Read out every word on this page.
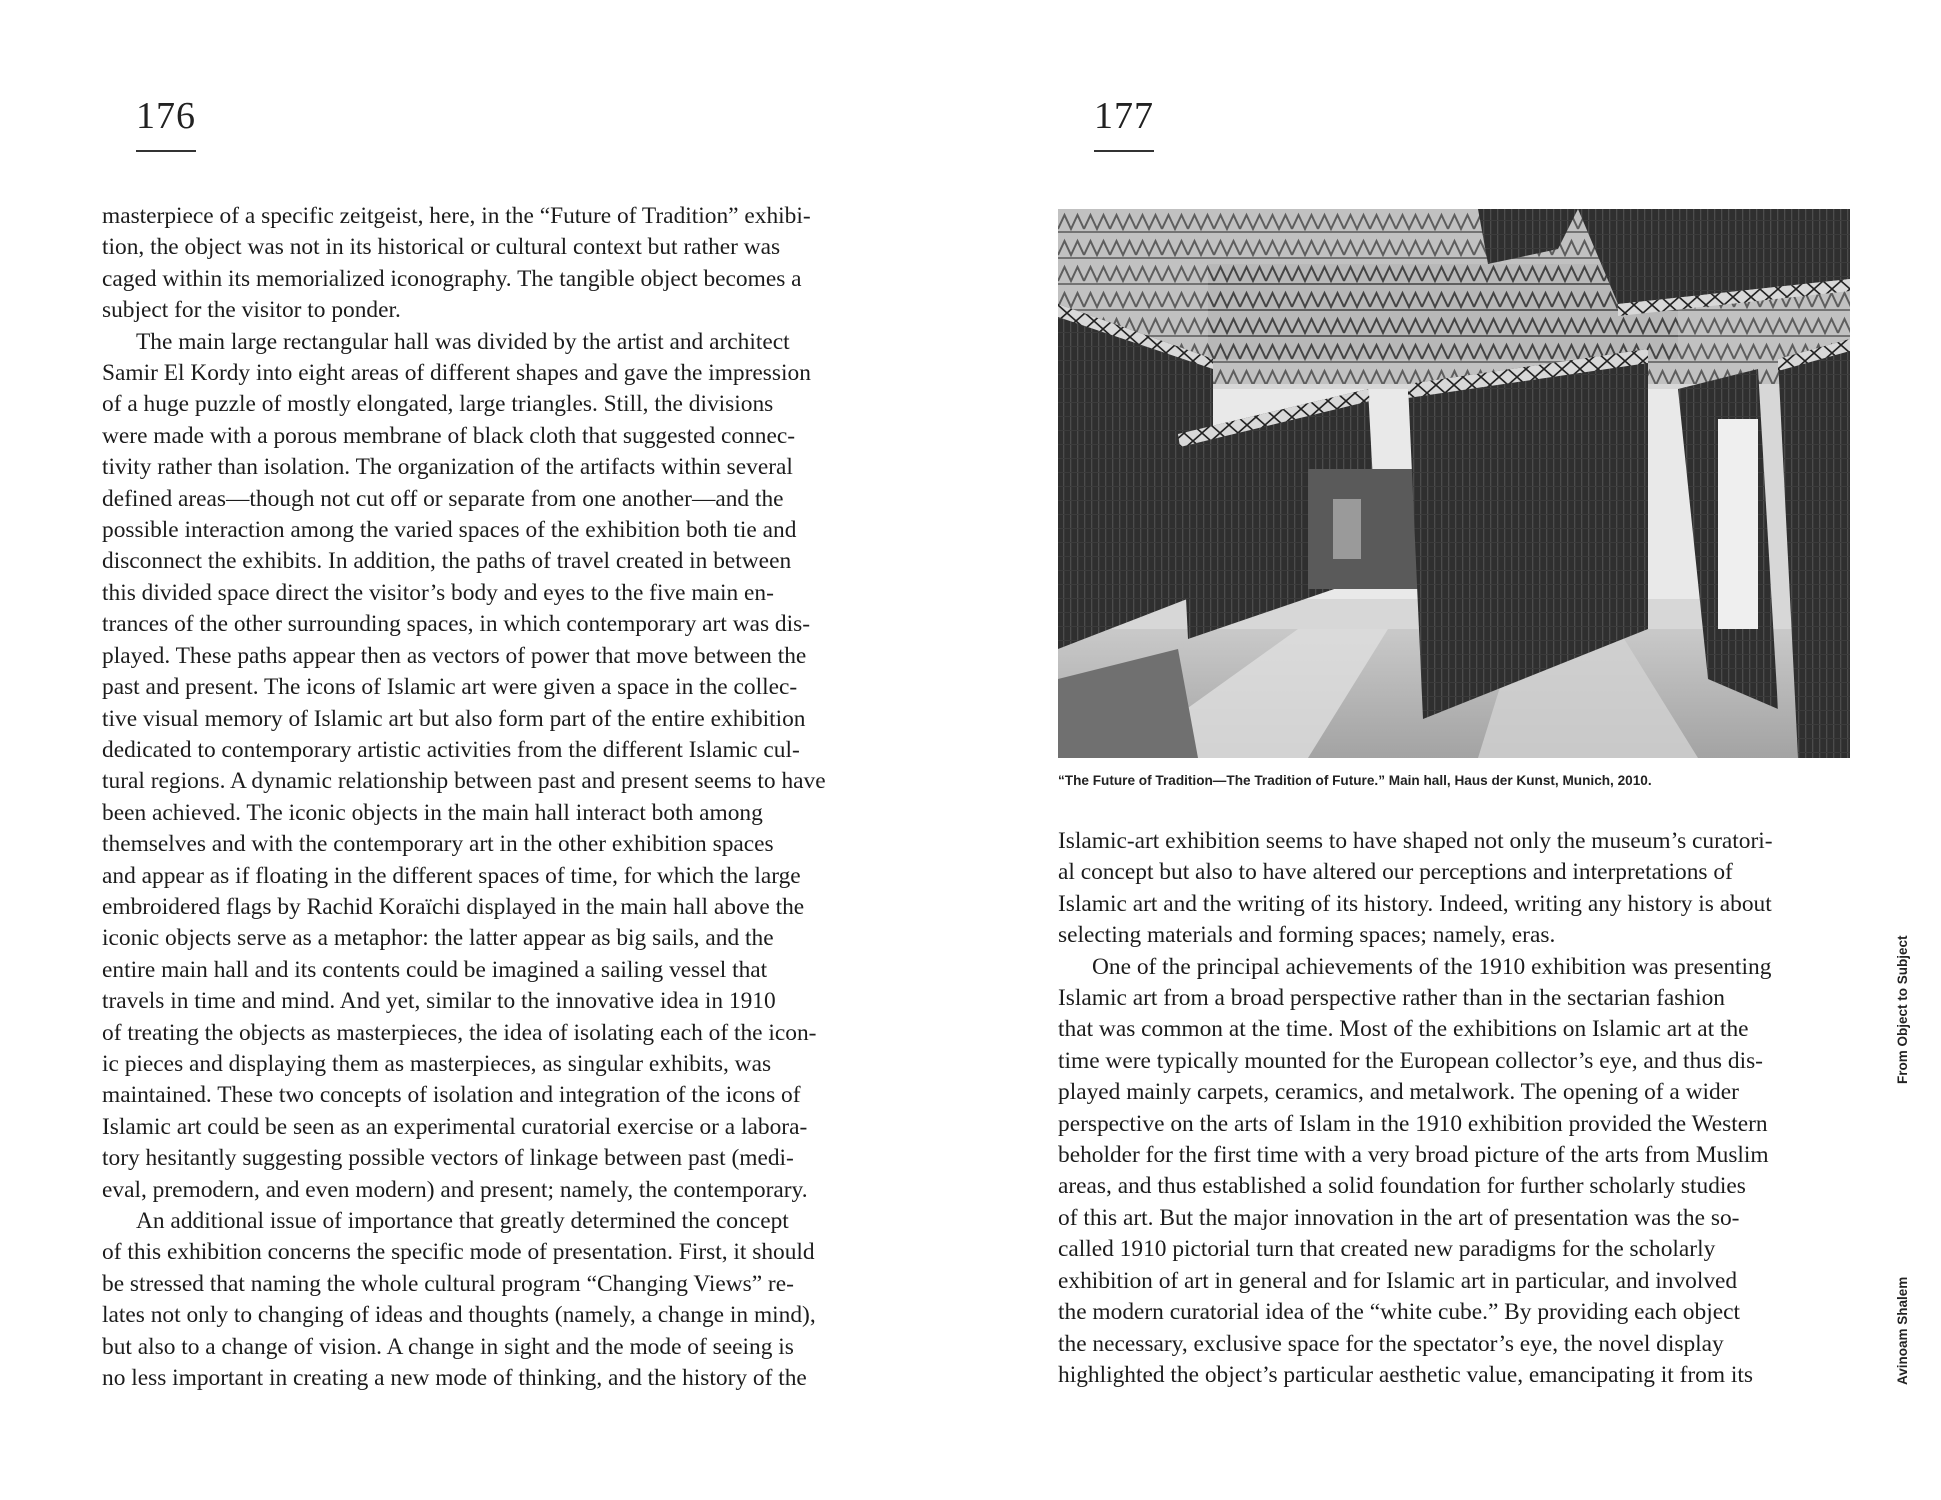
176
masterpiece of a specific zeitgeist, here, in the “Future of Tradition” exhibi-
tion, the object was not in its historical or cultural context but rather was
caged within its memorialized iconography. The tangible object becomes a
subject for the visitor to ponder.
The main large rectangular hall was divided by the artist and architect
Samir El Kordy into eight areas of different shapes and gave the impression
of a huge puzzle of mostly elongated, large triangles. Still, the divisions
were made with a porous membrane of black cloth that suggested connec-
tivity rather than isolation. The organization of the artifacts within several
defined areas—though not cut off or separate from one another—and the
possible interaction among the varied spaces of the exhibition both tie and
disconnect the exhibits. In addition, the paths of travel created in between
this divided space direct the visitor’s body and eyes to the five main en-
trances of the other surrounding spaces, in which contemporary art was dis-
played. These paths appear then as vectors of power that move between the
past and present. The icons of Islamic art were given a space in the collec-
tive visual memory of Islamic art but also form part of the entire exhibition
dedicated to contemporary artistic activities from the different Islamic cul-
tural regions. A dynamic relationship between past and present seems to have
been achieved. The iconic objects in the main hall interact both among
themselves and with the contemporary art in the other exhibition spaces
and appear as if floating in the different spaces of time, for which the large
embroidered flags by Rachid Koraïchi displayed in the main hall above the
iconic objects serve as a metaphor: the latter appear as big sails, and the
entire main hall and its contents could be imagined a sailing vessel that
travels in time and mind. And yet, similar to the innovative idea in 1910
of treating the objects as masterpieces, the idea of isolating each of the icon-
ic pieces and displaying them as masterpieces, as singular exhibits, was
maintained. These two concepts of isolation and integration of the icons of
Islamic art could be seen as an experimental curatorial exercise or a labora-
tory hesitantly suggesting possible vectors of linkage between past (medi-
eval, premodern, and even modern) and present; namely, the contemporary.
An additional issue of importance that greatly determined the concept
of this exhibition concerns the specific mode of presentation. First, it should
be stressed that naming the whole cultural program “Changing Views” re-
lates not only to changing of ideas and thoughts (namely, a change in mind),
but also to a change of vision. A change in sight and the mode of seeing is
no less important in creating a new mode of thinking, and the history of the
177
“The Future of Tradition—The Tradition of Future.” Main hall, Haus der Kunst, Munich, 2010.
Islamic-art exhibition seems to have shaped not only the museum’s curatori-
al concept but also to have altered our perceptions and interpretations of
Islamic art and the writing of its history. Indeed, writing any history is about
selecting materials and forming spaces; namely, eras.
One of the principal achievements of the 1910 exhibition was presenting
Islamic art from a broad perspective rather than in the sectarian fashion
that was common at the time. Most of the exhibitions on Islamic art at the
time were typically mounted for the European collector’s eye, and thus dis-
played mainly carpets, ceramics, and metalwork. The opening of a wider
perspective on the arts of Islam in the 1910 exhibition provided the Western
beholder for the first time with a very broad picture of the arts from Muslim
areas, and thus established a solid foundation for further scholarly studies
of this art. But the major innovation in the art of presentation was the so-
called 1910 pictorial turn that created new paradigms for the scholarly
exhibition of art in general and for Islamic art in particular, and involved
the modern curatorial idea of the “white cube.” By providing each object
the necessary, exclusive space for the spectator’s eye, the novel display
highlighted the object’s particular aesthetic value, emancipating it from its
From Object to Subject
Avinoam Shalem
